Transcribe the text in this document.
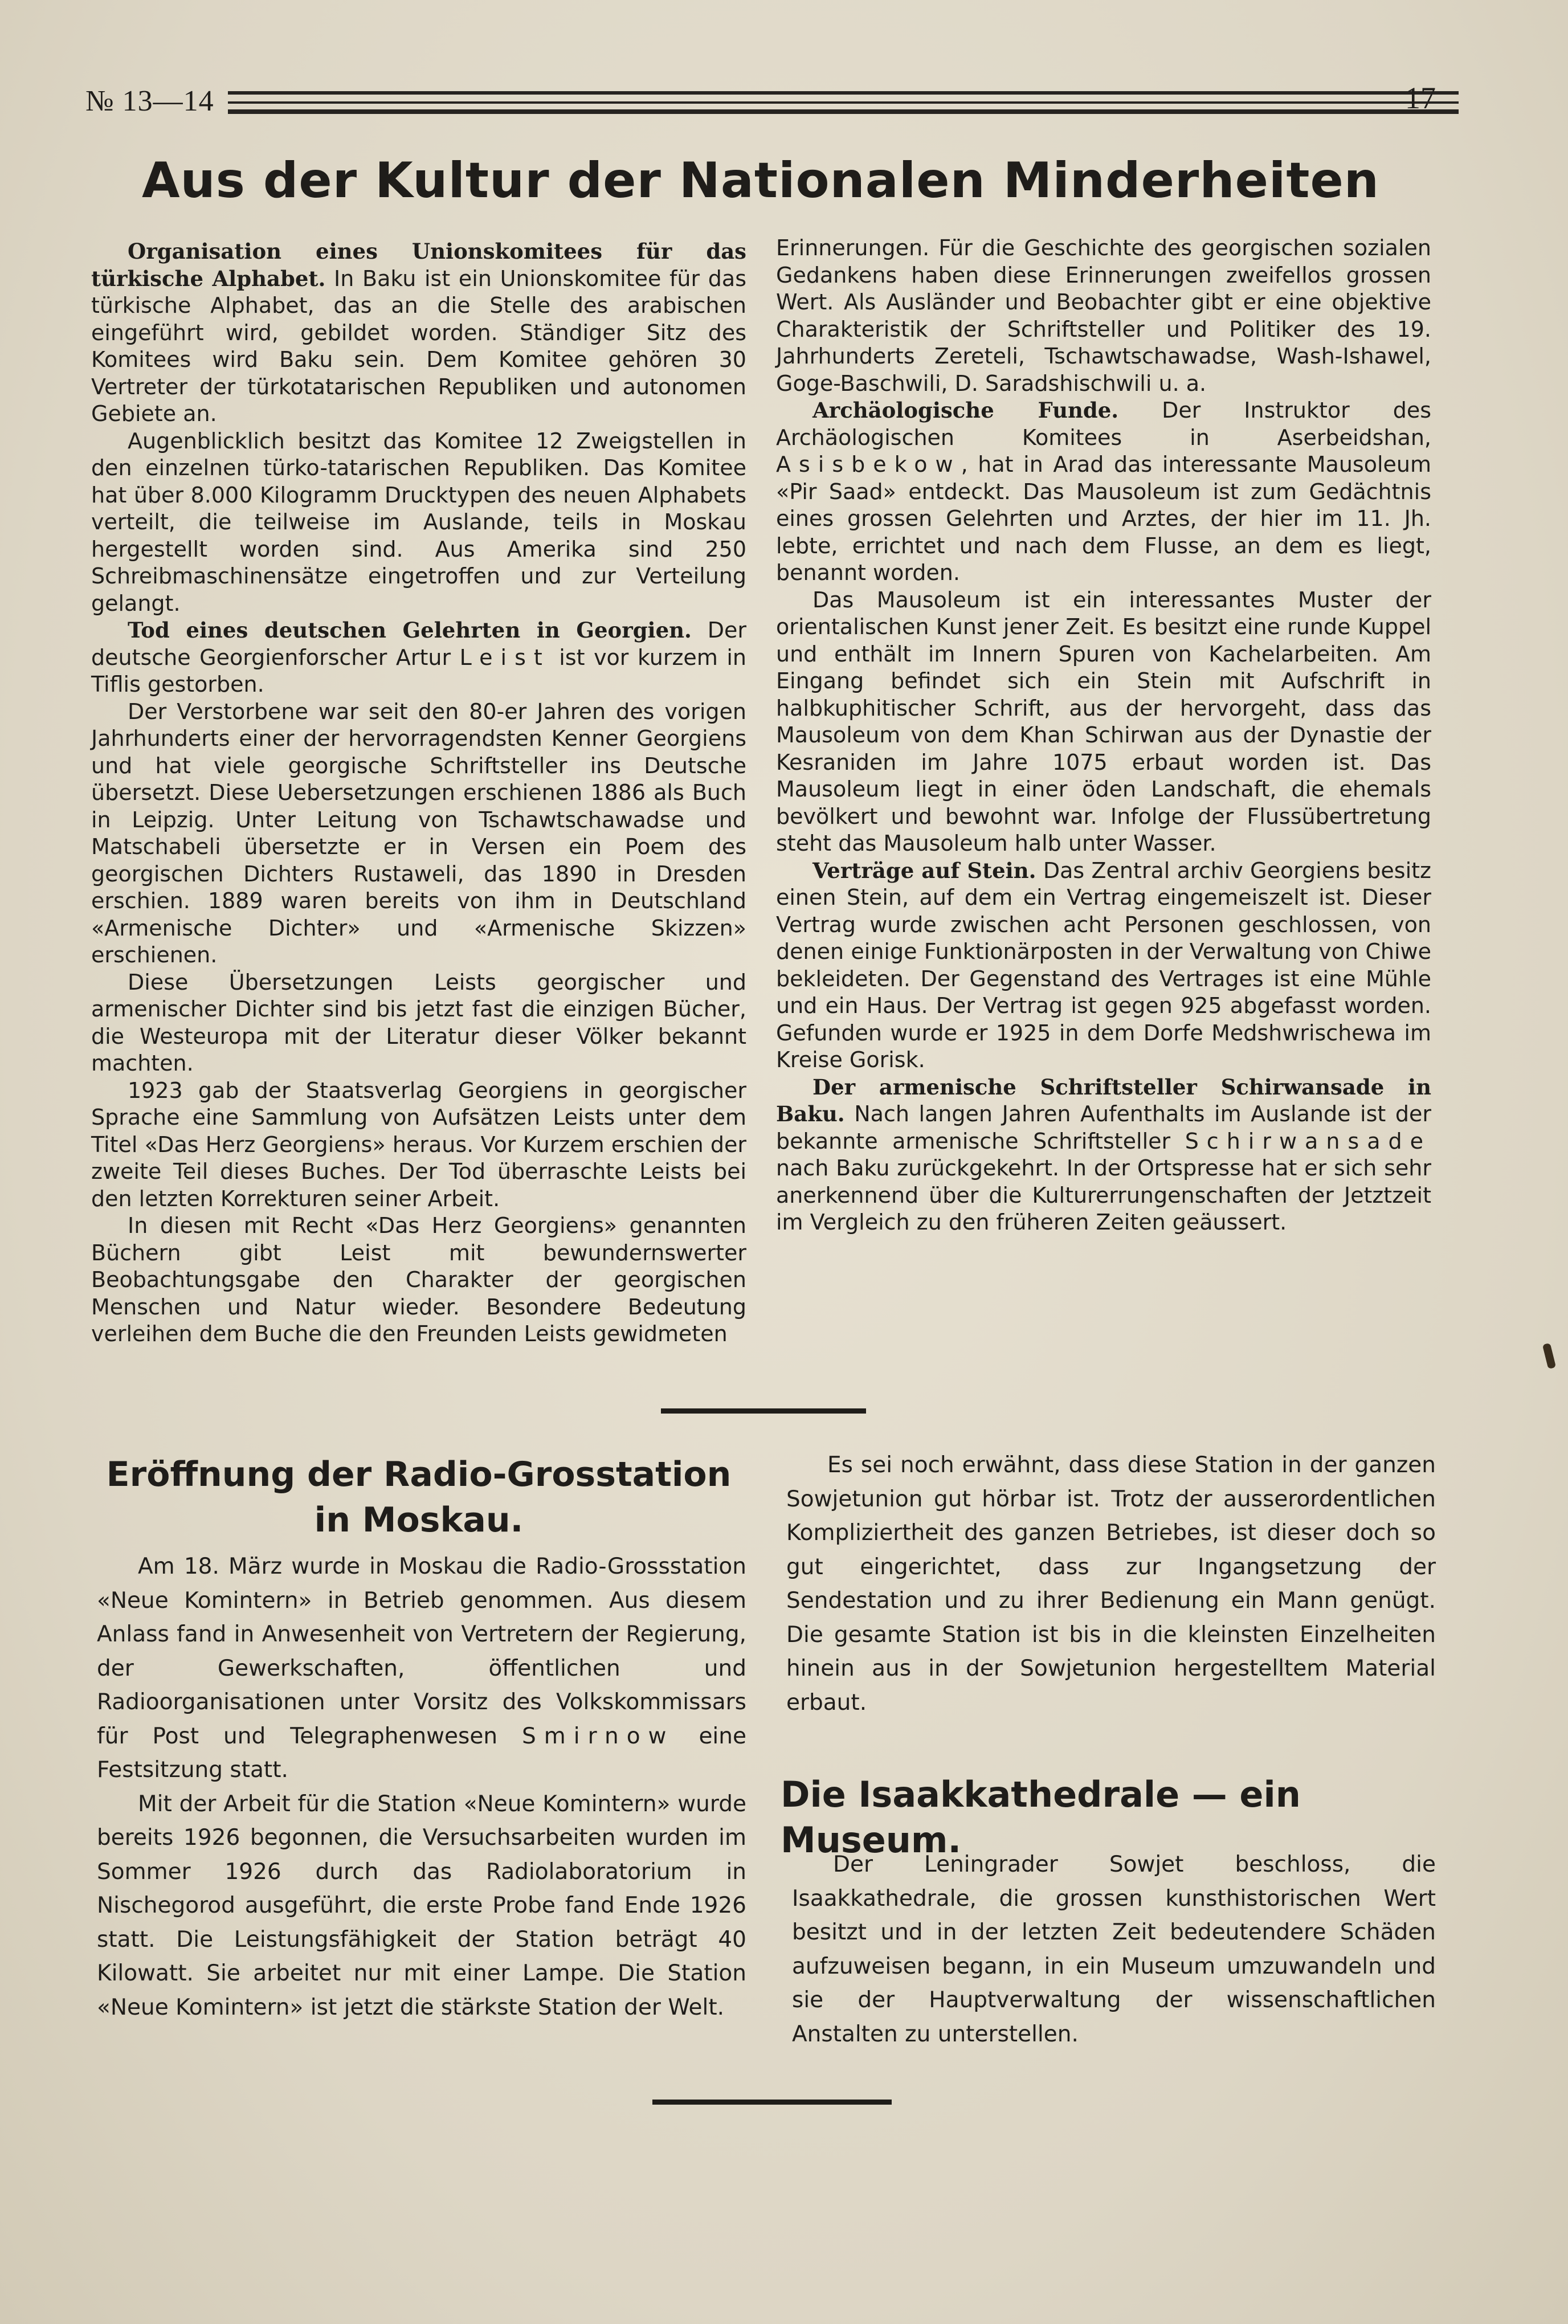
№ 13—14	17
Aus der Kultur der Nationalen Minderheiten

Organisation eines Unionskomitees für das türkische Alphabet. In Baku ist ein Unionskomitee für das türkische Alphabet, das an die Stelle des arabischen eingeführt wird, gebildet worden. Ständiger Sitz des Komitees wird Baku sein. Dem Komitee gehören 30 Vertreter der türkotatarischen Republiken und autonomen Gebiete an.

Augenblicklich besitzt das Komitee 12 Zweigstellen in den einzelnen türko-tatarischen Republiken. Das Komitee hat über 8.000 Kilogramm Drucktypen des neuen Alphabets verteilt, die teilweise im Auslande, teils in Moskau hergestellt worden sind. Aus Amerika sind 250 Schreibmaschinensätze eingetroffen und zur Verteilung gelangt.

Tod eines deutschen Gelehrten in Georgien. Der deutsche Georgienforscher Artur Leist ist vor kurzem in Tiflis gestorben.

Der Verstorbene war seit den 80-er Jahren des vorigen Jahrhunderts einer der hervorragendsten Kenner Georgiens und hat viele georgische Schriftsteller ins Deutsche übersetzt. Diese Uebersetzungen erschienen 1886 als Buch in Leipzig. Unter Leitung von Tschawtschawadse und Matschabeli übersetzte er in Versen ein Poem des georgischen Dichters Rustaweli, das 1890 in Dresden erschien. 1889 waren bereits von ihm in Deutschland «Armenische Dichter» und «Armenische Skizzen» erschienen.

Diese Übersetzungen Leists georgischer und armenischer Dichter sind bis jetzt fast die einzigen Bücher, die Westeuropa mit der Literatur dieser Völker bekannt machten.

1923 gab der Staatsverlag Georgiens in georgischer Sprache eine Sammlung von Aufsätzen Leists unter dem Titel «Das Herz Georgiens» heraus. Vor Kurzem erschien der zweite Teil dieses Buches. Der Tod überraschte Leists bei den letzten Korrekturen seiner Arbeit.

In diesen mit Recht «Das Herz Georgiens» genannten Büchern gibt Leist mit bewundernswerter Beobachtungsgabe den Charakter der georgischen Menschen und Natur wieder. Besondere Bedeutung verleihen dem Buche die den Freunden Leists gewidmeten

Erinnerungen. Für die Geschichte des georgischen sozialen Gedankens haben diese Erinnerungen zweifellos grossen Wert. Als Ausländer und Beobachter gibt er eine objektive Charakteristik der Schriftsteller und Politiker des 19. Jahrhunderts Zereteli, Tschawtschawadse, Wash-Ishawel, Goge-Baschwili, D. Saradshischwili u. a.

Archäologische Funde. Der Instruktor des Archäologischen Komitees in Aserbeidshan, Asisbekow, hat in Arad das interessante Mausoleum «Pir Saad» entdeckt. Das Mausoleum ist zum Gedächtnis eines grossen Gelehrten und Arztes, der hier im 11. Jh. lebte, errichtet und nach dem Flusse, an dem es liegt, benannt worden.

Das Mausoleum ist ein interessantes Muster der orientalischen Kunst jener Zeit. Es besitzt eine runde Kuppel und enthält im Innern Spuren von Kachelarbeiten. Am Eingang befindet sich ein Stein mit Aufschrift in halbkuphitischer Schrift, aus der hervorgeht, dass das Mausoleum von dem Khan Schirwan aus der Dynastie der Kesraniden im Jahre 1075 erbaut worden ist. Das Mausoleum liegt in einer öden Landschaft, die ehemals bevölkert und bewohnt war. Infolge der Flussübertretung steht das Mausoleum halb unter Wasser.

Verträge auf Stein. Das Zentral archiv Georgiens besitz einen Stein, auf dem ein Vertrag eingemeiszelt ist. Dieser Vertrag wurde zwischen acht Personen geschlossen, von denen einige Funktionärposten in der Verwaltung von Chiwe bekleideten. Der Gegenstand des Vertrages ist eine Mühle und ein Haus. Der Vertrag ist gegen 925 abgefasst worden. Gefunden wurde er 1925 in dem Dorfe Medshwrischewa im Kreise Gorisk.

Der armenische Schriftsteller Schirwansade in Baku. Nach langen Jahren Aufenthalts im Auslande ist der bekannte armenische Schriftsteller Schirwansade nach Baku zurückgekehrt. In der Ortspresse hat er sich sehr anerkennend über die Kulturerrungenschaften der Jetztzeit im Vergleich zu den früheren Zeiten geäussert.

Eröffnung der Radio-Grosstation in Moskau.

Am 18. März wurde in Moskau die Radio-Grossstation «Neue Komintern» in Betrieb genommen. Aus diesem Anlass fand in Anwesenheit von Vertretern der Regierung, der Gewerkschaften, öffentlichen und Radioorganisationen unter Vorsitz des Volkskommissars für Post und Telegraphenwesen Smirnow eine Festsitzung statt.

Mit der Arbeit für die Station «Neue Komintern» wurde bereits 1926 begonnen, die Versuchsarbeiten wurden im Sommer 1926 durch das Radiolaboratorium in Nischegorod ausgeführt, die erste Probe fand Ende 1926 statt. Die Leistungsfähigkeit der Station beträgt 40 Kilowatt. Sie arbeitet nur mit einer Lampe. Die Station «Neue Komintern» ist jetzt die stärkste Station der Welt.

Es sei noch erwähnt, dass diese Station in der ganzen Sowjetunion gut hörbar ist. Trotz der ausserordentlichen Kompliziertheit des ganzen Betriebes, ist dieser doch so gut eingerichtet, dass zur Ingangsetzung der Sendestation und zu ihrer Bedienung ein Mann genügt. Die gesamte Station ist bis in die kleinsten Einzelheiten hinein aus in der Sowjetunion hergestelltem Material erbaut.

Die Isaakkathedrale — ein Museum.

Der Leningrader Sowjet beschloss, die Isaakkathedrale, die grossen kunsthistorischen Wert besitzt und in der letzten Zeit bedeutendere Schäden aufzuweisen begann, in ein Museum umzuwandeln und sie der Hauptverwaltung der wissenschaftlichen Anstalten zu unterstellen.
